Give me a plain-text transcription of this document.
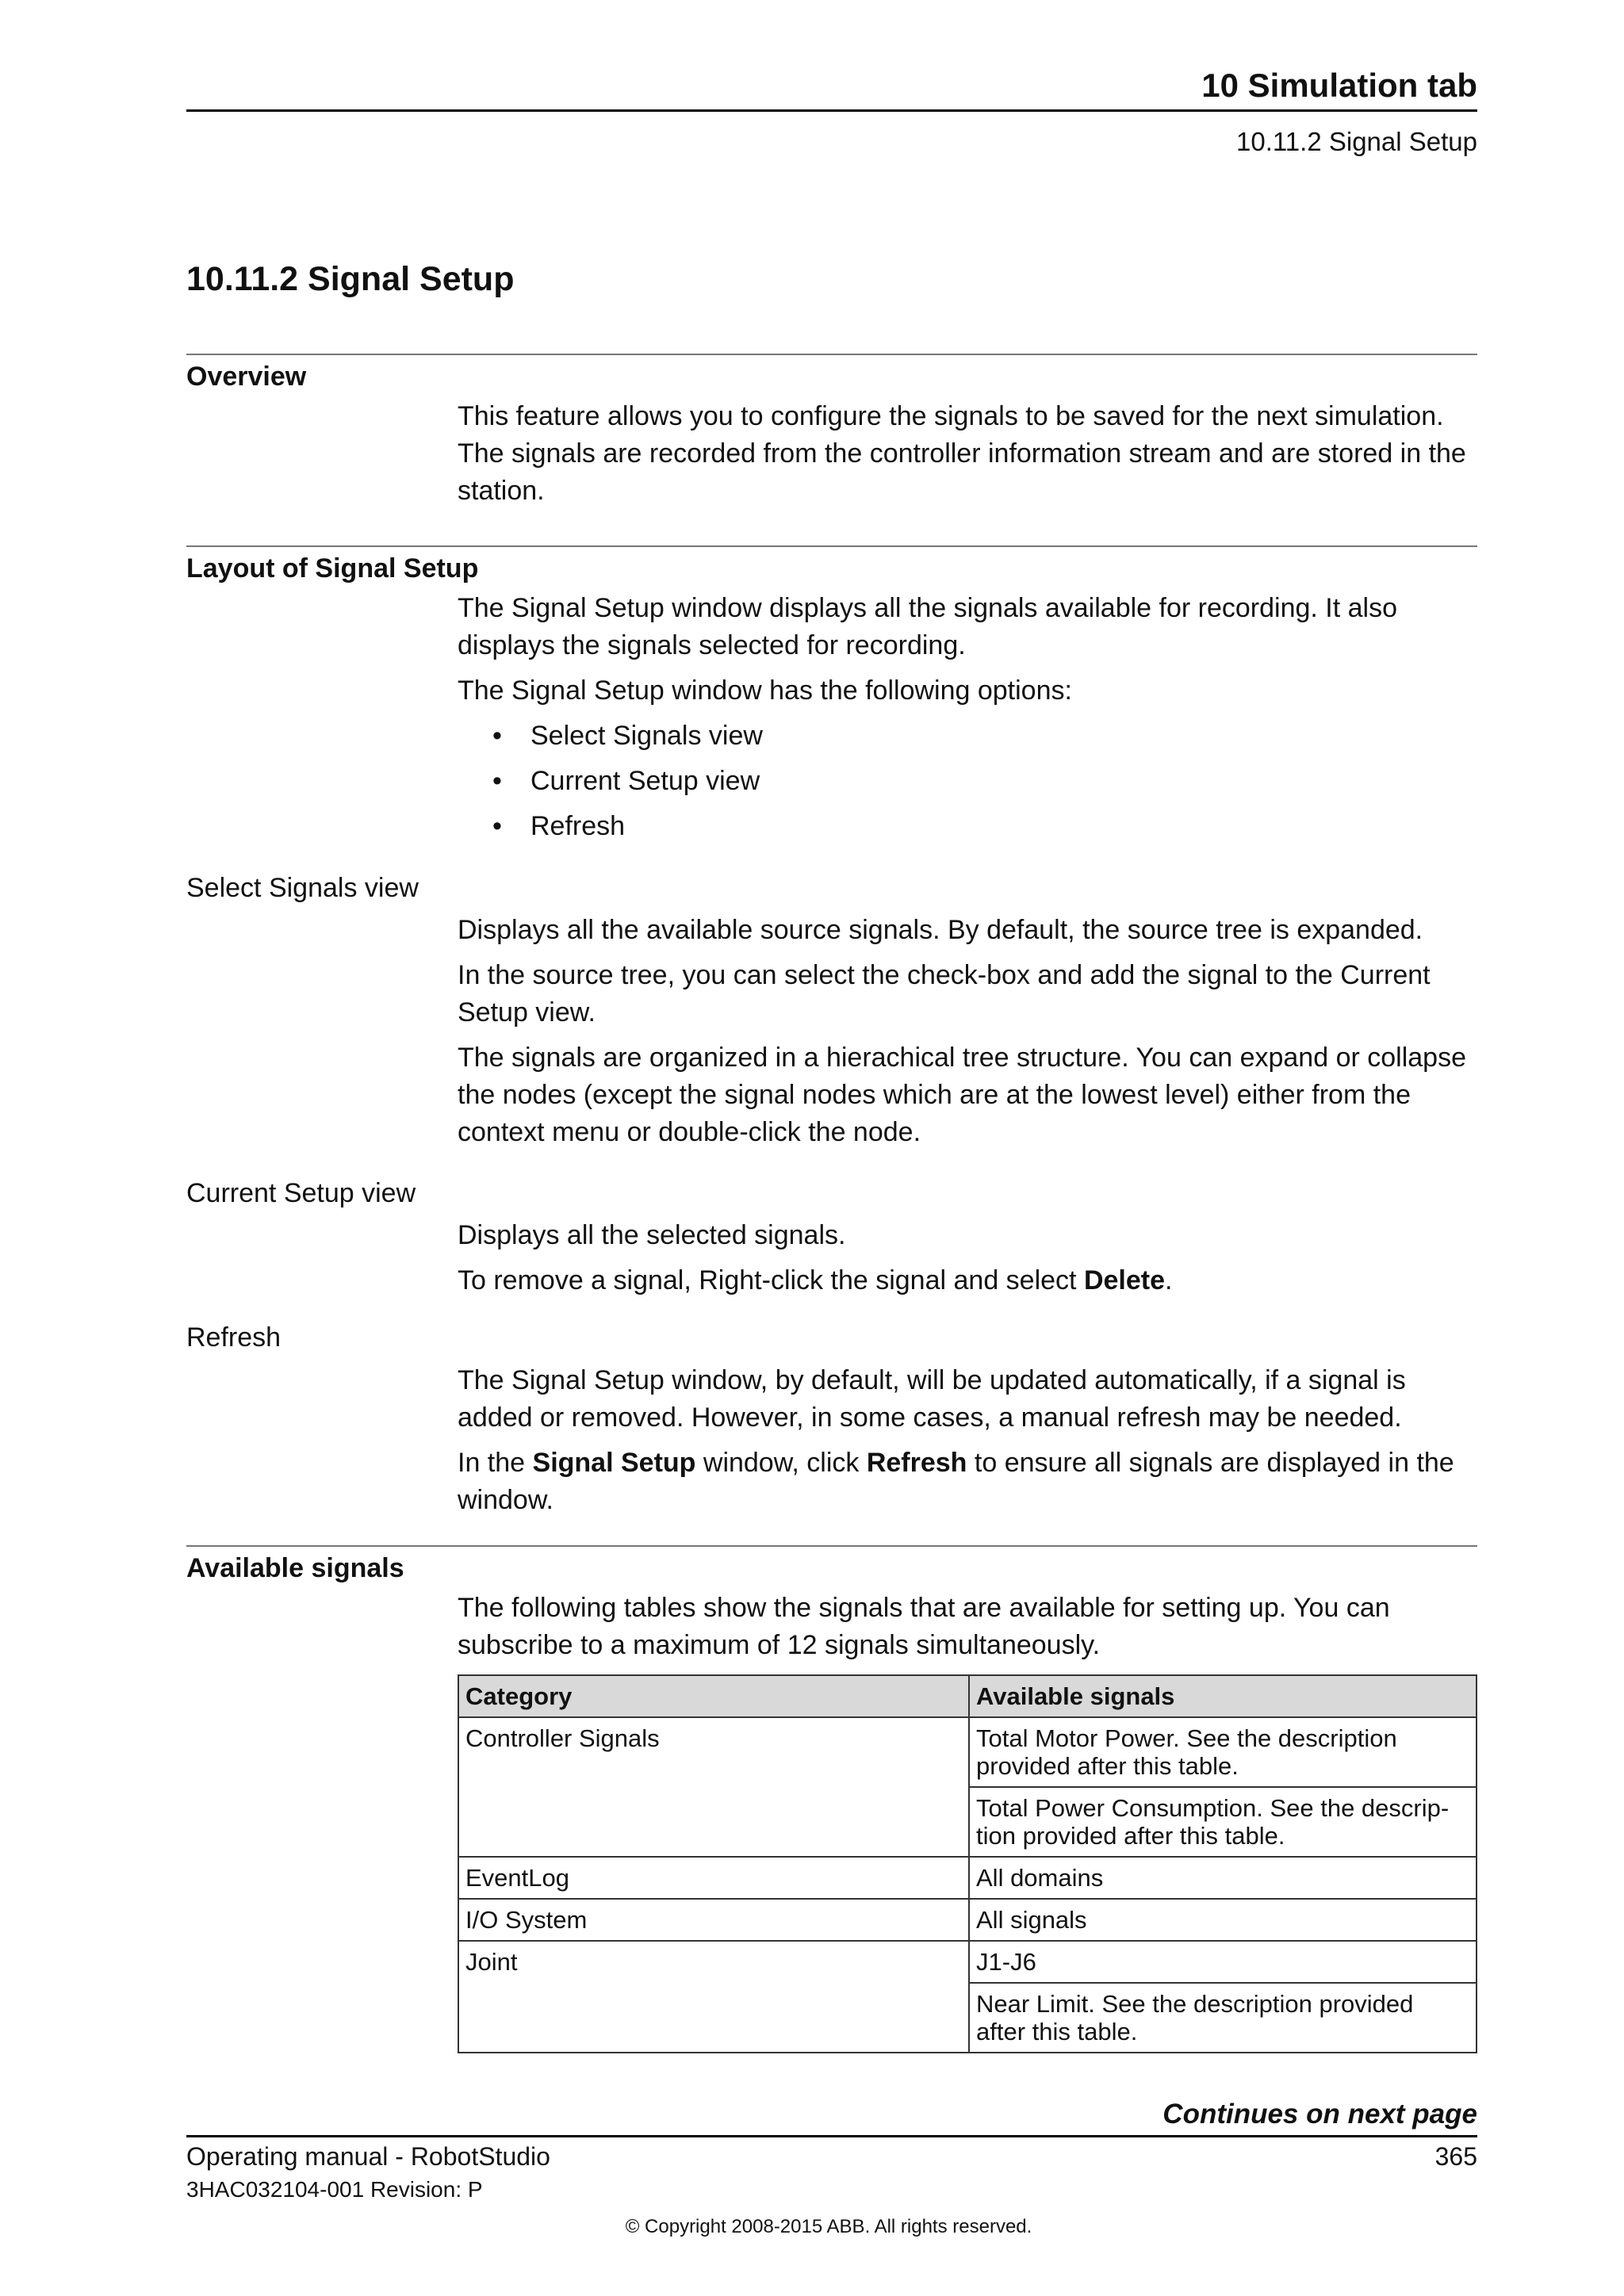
10 Simulation tab
10.11.2 Signal Setup
10.11.2 Signal Setup
Overview

This feature allows you to configure the signals to be saved for the next simulation. The signals are recorded from the controller information stream and are stored in the station.

Layout of Signal Setup

The Signal Setup window displays all the signals available for recording. It also displays the signals selected for recording.

The Signal Setup window has the following options:

• Select Signals view
• Current Setup view
• Refresh
Select Signals view

Displays all the available source signals. By default, the source tree is expanded.

In the source tree, you can select the check-box and add the signal to the Current Setup view.

The signals are organized in a hierachical tree structure. You can expand or collapse the nodes (except the signal nodes which are at the lowest level) either from the context menu or double-click the node.

Current Setup view

Displays all the selected signals.

To remove a signal, Right-click the signal and select Delete.

Refresh

The Signal Setup window, by default, will be updated automatically, if a signal is added or removed. However, in some cases, a manual refresh may be needed.

In the Signal Setup window, click Refresh to ensure all signals are displayed in the window.

Available signals

The following tables show the signals that are available for setting up. You can subscribe to a maximum of 12 signals simultaneously.

Category	Available signals
Controller Signals	Total Motor Power. See the description provided after this table.
	Total Power Consumption. See the descrip-tion provided after this table.
EventLog	All domains
I/O System	All signals
Joint	J1-J6
	Near Limit. See the description provided after this table.
Continues on next page
Operating manual - RobotStudio	365
3HAC032104-001 Revision: P
© Copyright 2008-2015 ABB. All rights reserved.
